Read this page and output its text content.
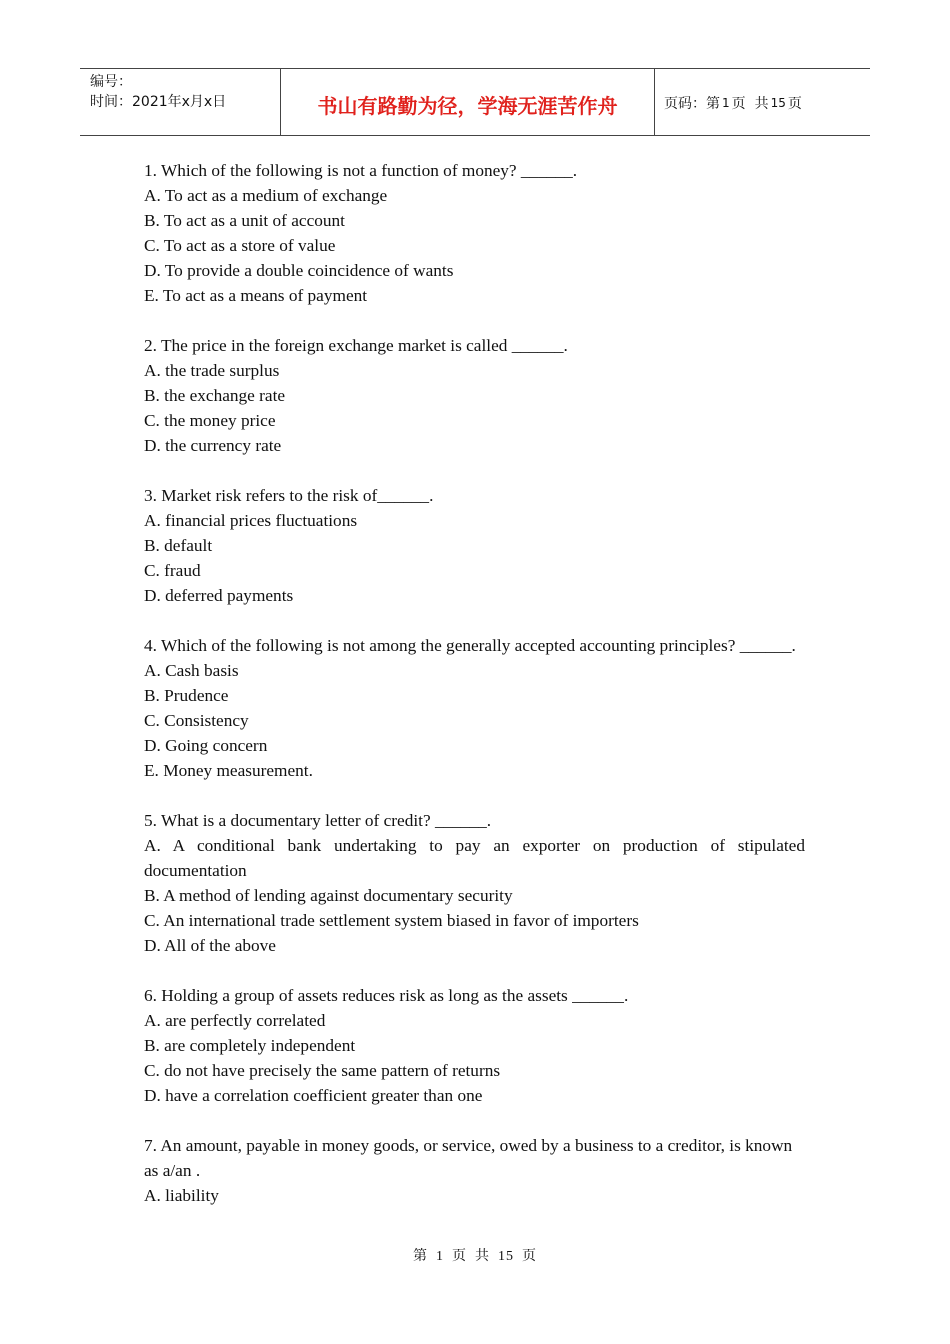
编号：
时间：2021年x月x日	书山有路勤为径，学海无涯苦作舟	页码：第 1 页 共 15 页

1. Which of the following is not a function of money? ______.

A. To act as a medium of exchange

B. To act as a unit of account

C. To act as a store of value

D. To provide a double coincidence of wants

E. To act as a means of payment

2. The price in the foreign exchange market is called ______.

A. the trade surplus

B. the exchange rate

C. the money price

D. the currency rate

3. Market risk refers to the risk of______.

A. financial prices fluctuations

B. default

C. fraud

D. deferred payments

4. Which of the following is not among the generally accepted accounting principles? ______.

A. Cash basis

B. Prudence

C. Consistency

D. Going concern

E. Money measurement.

5. What is a documentary letter of credit? ______.

A. A conditional bank undertaking to pay an exporter on production of stipulated documentation

B. A method of lending against documentary security

C. An international trade settlement system biased in favor of importers

D. All of the above

6. Holding a group of assets reduces risk as long as the assets ______.

A. are perfectly correlated

B. are completely independent

C. do not have precisely the same pattern of returns

D. have a correlation coefficient greater than one

7. An amount, payable in money goods, or service, owed by a business to a creditor, is known as a/an .

A. liability

第 1 页 共 15 页
